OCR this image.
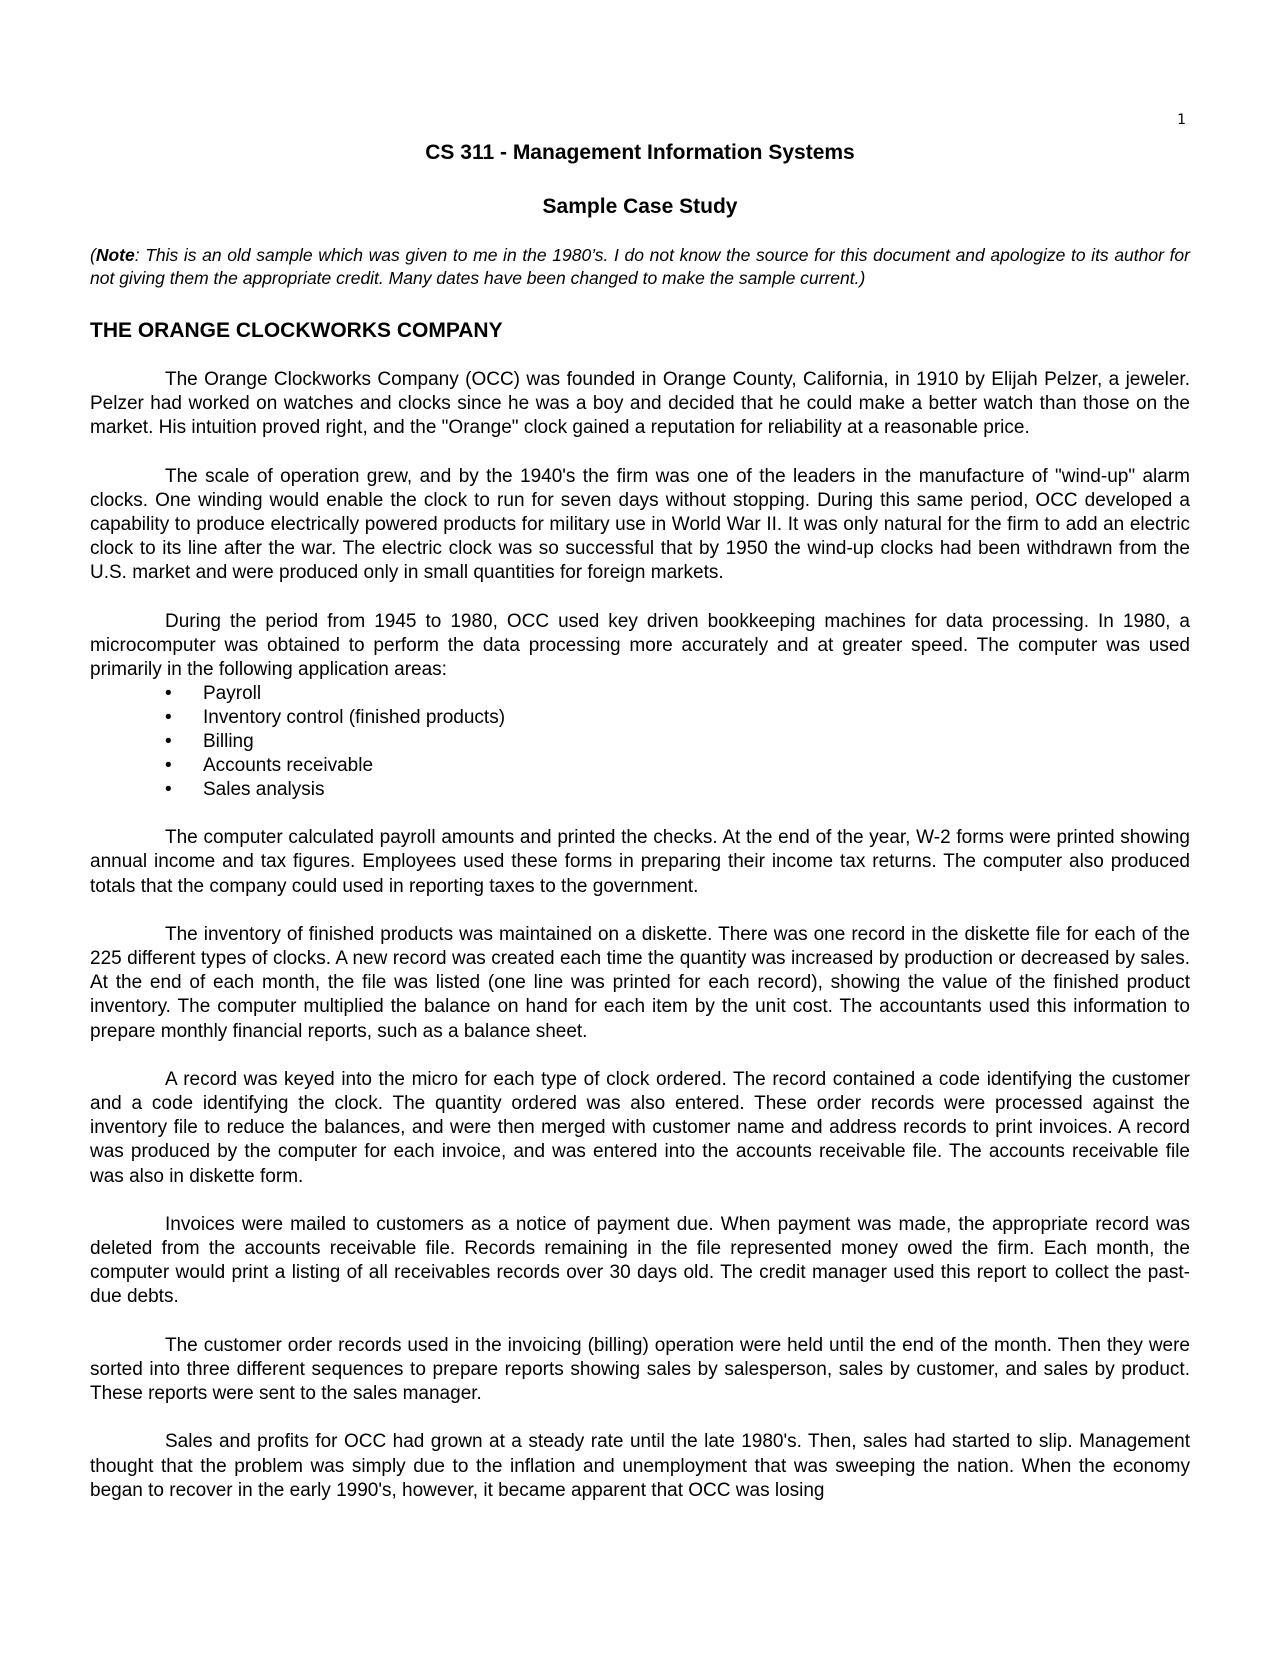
1
CS 311 - Management Information Systems
Sample Case Study

(Note: This is an old sample which was given to me in the 1980’s. I do not know the source for this document and apologize to its author for not giving them the appropriate credit. Many dates have been changed to make the sample current.)

THE ORANGE CLOCKWORKS COMPANY

The Orange Clockworks Company (OCC) was founded in Orange County, California, in 1910 by Elijah Pelzer, a jeweler. Pelzer had worked on watches and clocks since he was a boy and decided that he could make a better watch than those on the market. His intuition proved right, and the "Orange" clock gained a reputation for reliability at a reasonable price.

The scale of operation grew, and by the 1940's the firm was one of the leaders in the manufacture of "wind-up" alarm clocks. One winding would enable the clock to run for seven days without stopping. During this same period, OCC developed a capability to produce electrically powered products for military use in World War II. It was only natural for the firm to add an electric clock to its line after the war. The electric clock was so successful that by 1950 the wind-up clocks had been withdrawn from the U.S. market and were produced only in small quantities for foreign markets.

During the period from 1945 to 1980, OCC used key driven bookkeeping machines for data processing. In 1980, a microcomputer was obtained to perform the data processing more accurately and at greater speed. The computer was used primarily in the following application areas:

• Payroll
• Inventory control (finished products)
• Billing
• Accounts receivable
• Sales analysis

The computer calculated payroll amounts and printed the checks. At the end of the year, W-2 forms were printed showing annual income and tax figures. Employees used these forms in preparing their income tax returns. The computer also produced totals that the company could used in reporting taxes to the government.

The inventory of finished products was maintained on a diskette. There was one record in the diskette file for each of the 225 different types of clocks. A new record was created each time the quantity was increased by production or decreased by sales. At the end of each month, the file was listed (one line was printed for each record), showing the value of the finished product inventory. The computer multiplied the balance on hand for each item by the unit cost. The accountants used this information to prepare monthly financial reports, such as a balance sheet.

A record was keyed into the micro for each type of clock ordered. The record contained a code identifying the customer and a code identifying the clock. The quantity ordered was also entered. These order records were processed against the inventory file to reduce the balances, and were then merged with customer name and address records to print invoices. A record was produced by the computer for each invoice, and was entered into the accounts receivable file. The accounts receivable file was also in diskette form.

Invoices were mailed to customers as a notice of payment due. When payment was made, the appropriate record was deleted from the accounts receivable file. Records remaining in the file represented money owed the firm. Each month, the computer would print a listing of all receivables records over 30 days old. The credit manager used this report to collect the past-due debts.

The customer order records used in the invoicing (billing) operation were held until the end of the month. Then they were sorted into three different sequences to prepare reports showing sales by salesperson, sales by customer, and sales by product. These reports were sent to the sales manager.

Sales and profits for OCC had grown at a steady rate until the late 1980's. Then, sales had started to slip. Management thought that the problem was simply due to the inflation and unemployment that was sweeping the nation. When the economy began to recover in the early 1990's, however, it became apparent that OCC was losing
